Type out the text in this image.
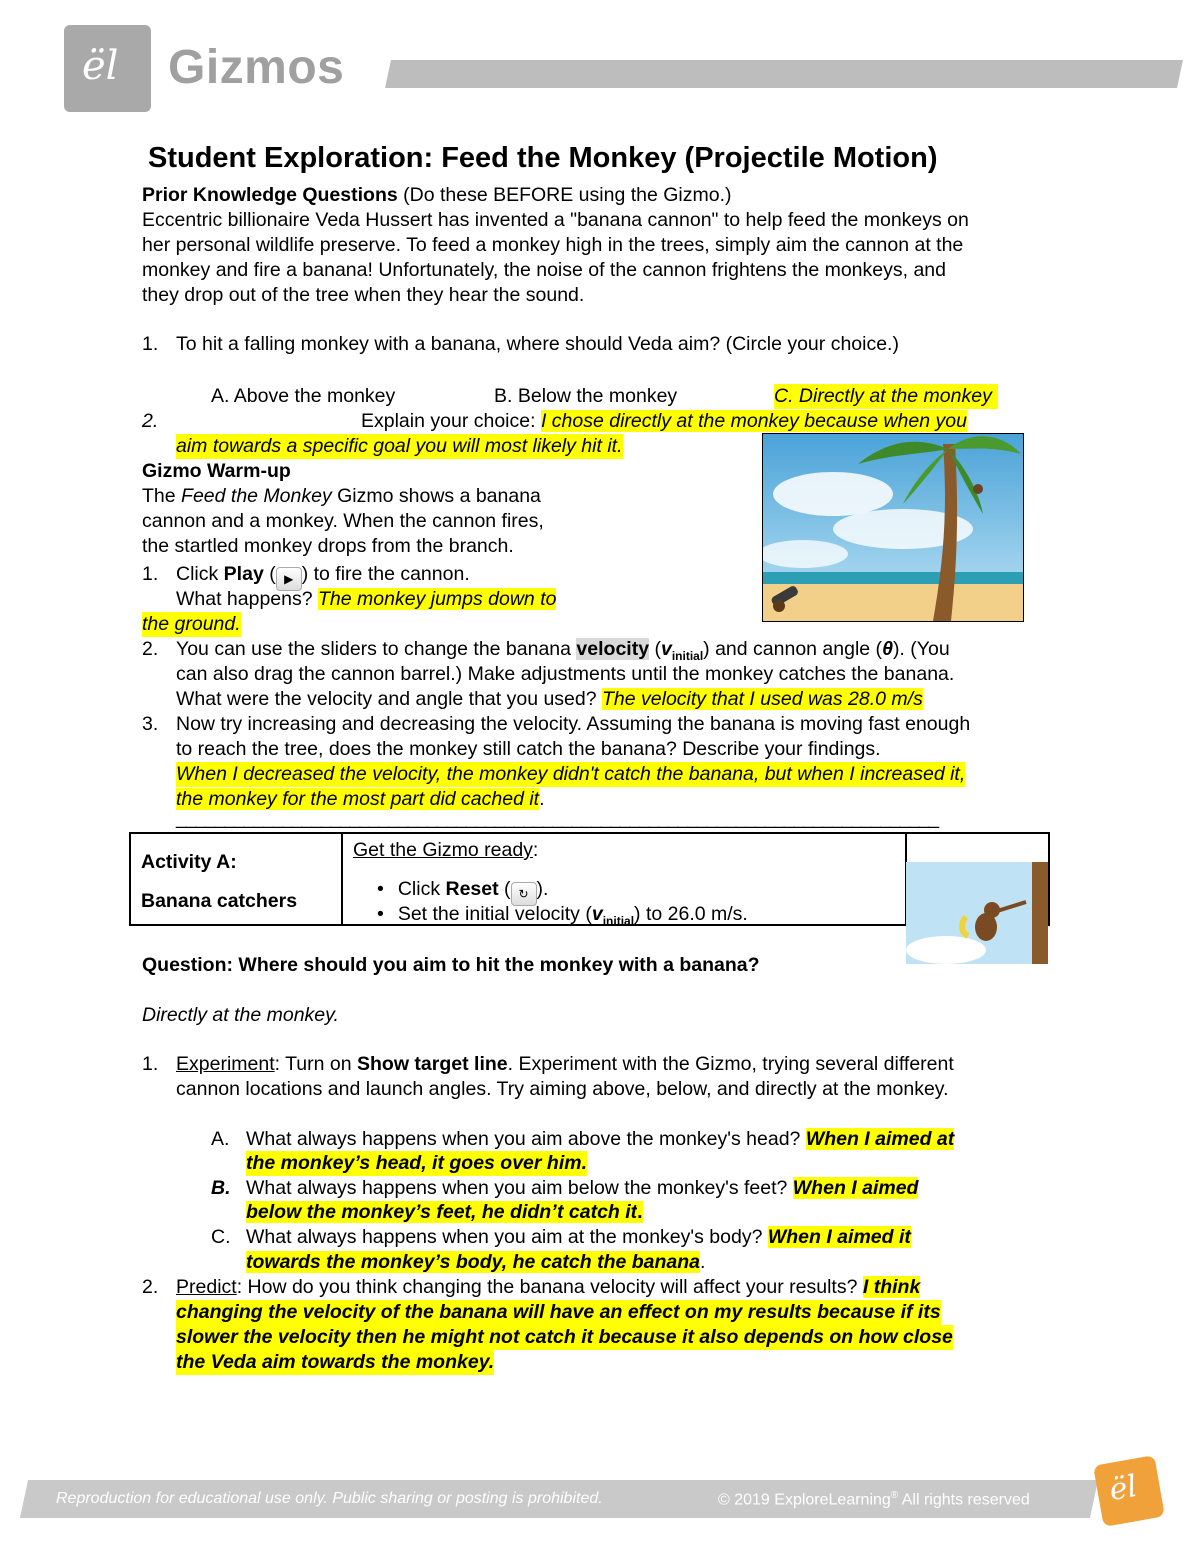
ël Gizmos
Student Exploration: Feed the Monkey (Projectile Motion)
Prior Knowledge Questions (Do these BEFORE using the Gizmo.)
Eccentric billionaire Veda Hussert has invented a "banana cannon" to help feed the monkeys on
her personal wildlife preserve. To feed a monkey high in the trees, simply aim the cannon at the
monkey and fire a banana! Unfortunately, the noise of the cannon frightens the monkeys, and
they drop out of the tree when they hear the sound.
1. To hit a falling monkey with a banana, where should Veda aim? (Circle your choice.)
A. Above the monkey	B. Below the monkey	C. Directly at the monkey
2.	Explain your choice: I chose directly at the monkey because when you
aim towards a specific goal you will most likely hit it.
Gizmo Warm-up
The Feed the Monkey Gizmo shows a banana
cannon and a monkey. When the cannon fires,
the startled monkey drops from the branch.
1. Click Play ( ▶ ) to fire the cannon.
What happens? The monkey jumps down to
the ground.
2. You can use the sliders to change the banana velocity $(v_{initial})$ and cannon angle (θ). (You
can also drag the cannon barrel.) Make adjustments until the monkey catches the banana.
What were the velocity and angle that you used? The velocity that I used was 28.0 m/s
3. Now try increasing and decreasing the velocity. Assuming the banana is moving fast enough
to reach the tree, does the monkey still catch the banana? Describe your findings.
When I decreased the velocity, the monkey didn't catch the banana, but when I increased it,
the monkey for the most part did cached it.
_______________________________________________________________________________
Activity A:
Banana catchers
Get the Gizmo ready:
• Click Reset ( ↻ ).
• Set the initial velocity $(v_{initial})$ to 26.0 m/s.
Question: Where should you aim to hit the monkey with a banana?
Directly at the monkey.
1. Experiment: Turn on Show target line. Experiment with the Gizmo, trying several different
cannon locations and launch angles. Try aiming above, below, and directly at the monkey.
A. What always happens when you aim above the monkey's head? When I aimed at
the monkey’s head, it goes over him.
B. What always happens when you aim below the monkey's feet? When I aimed
below the monkey’s feet, he didn’t catch it.
C. What always happens when you aim at the monkey's body? When I aimed it
towards the monkey’s body, he catch the banana.
2. Predict: How do you think changing the banana velocity will affect your results? I think
changing the velocity of the banana will have an effect on my results because if its
slower the velocity then he might not catch it because it also depends on how close
the Veda aim towards the monkey.
Reproduction for educational use only. Public sharing or posting is prohibited.	© 2019 ExploreLearning® All rights reserved	ël
